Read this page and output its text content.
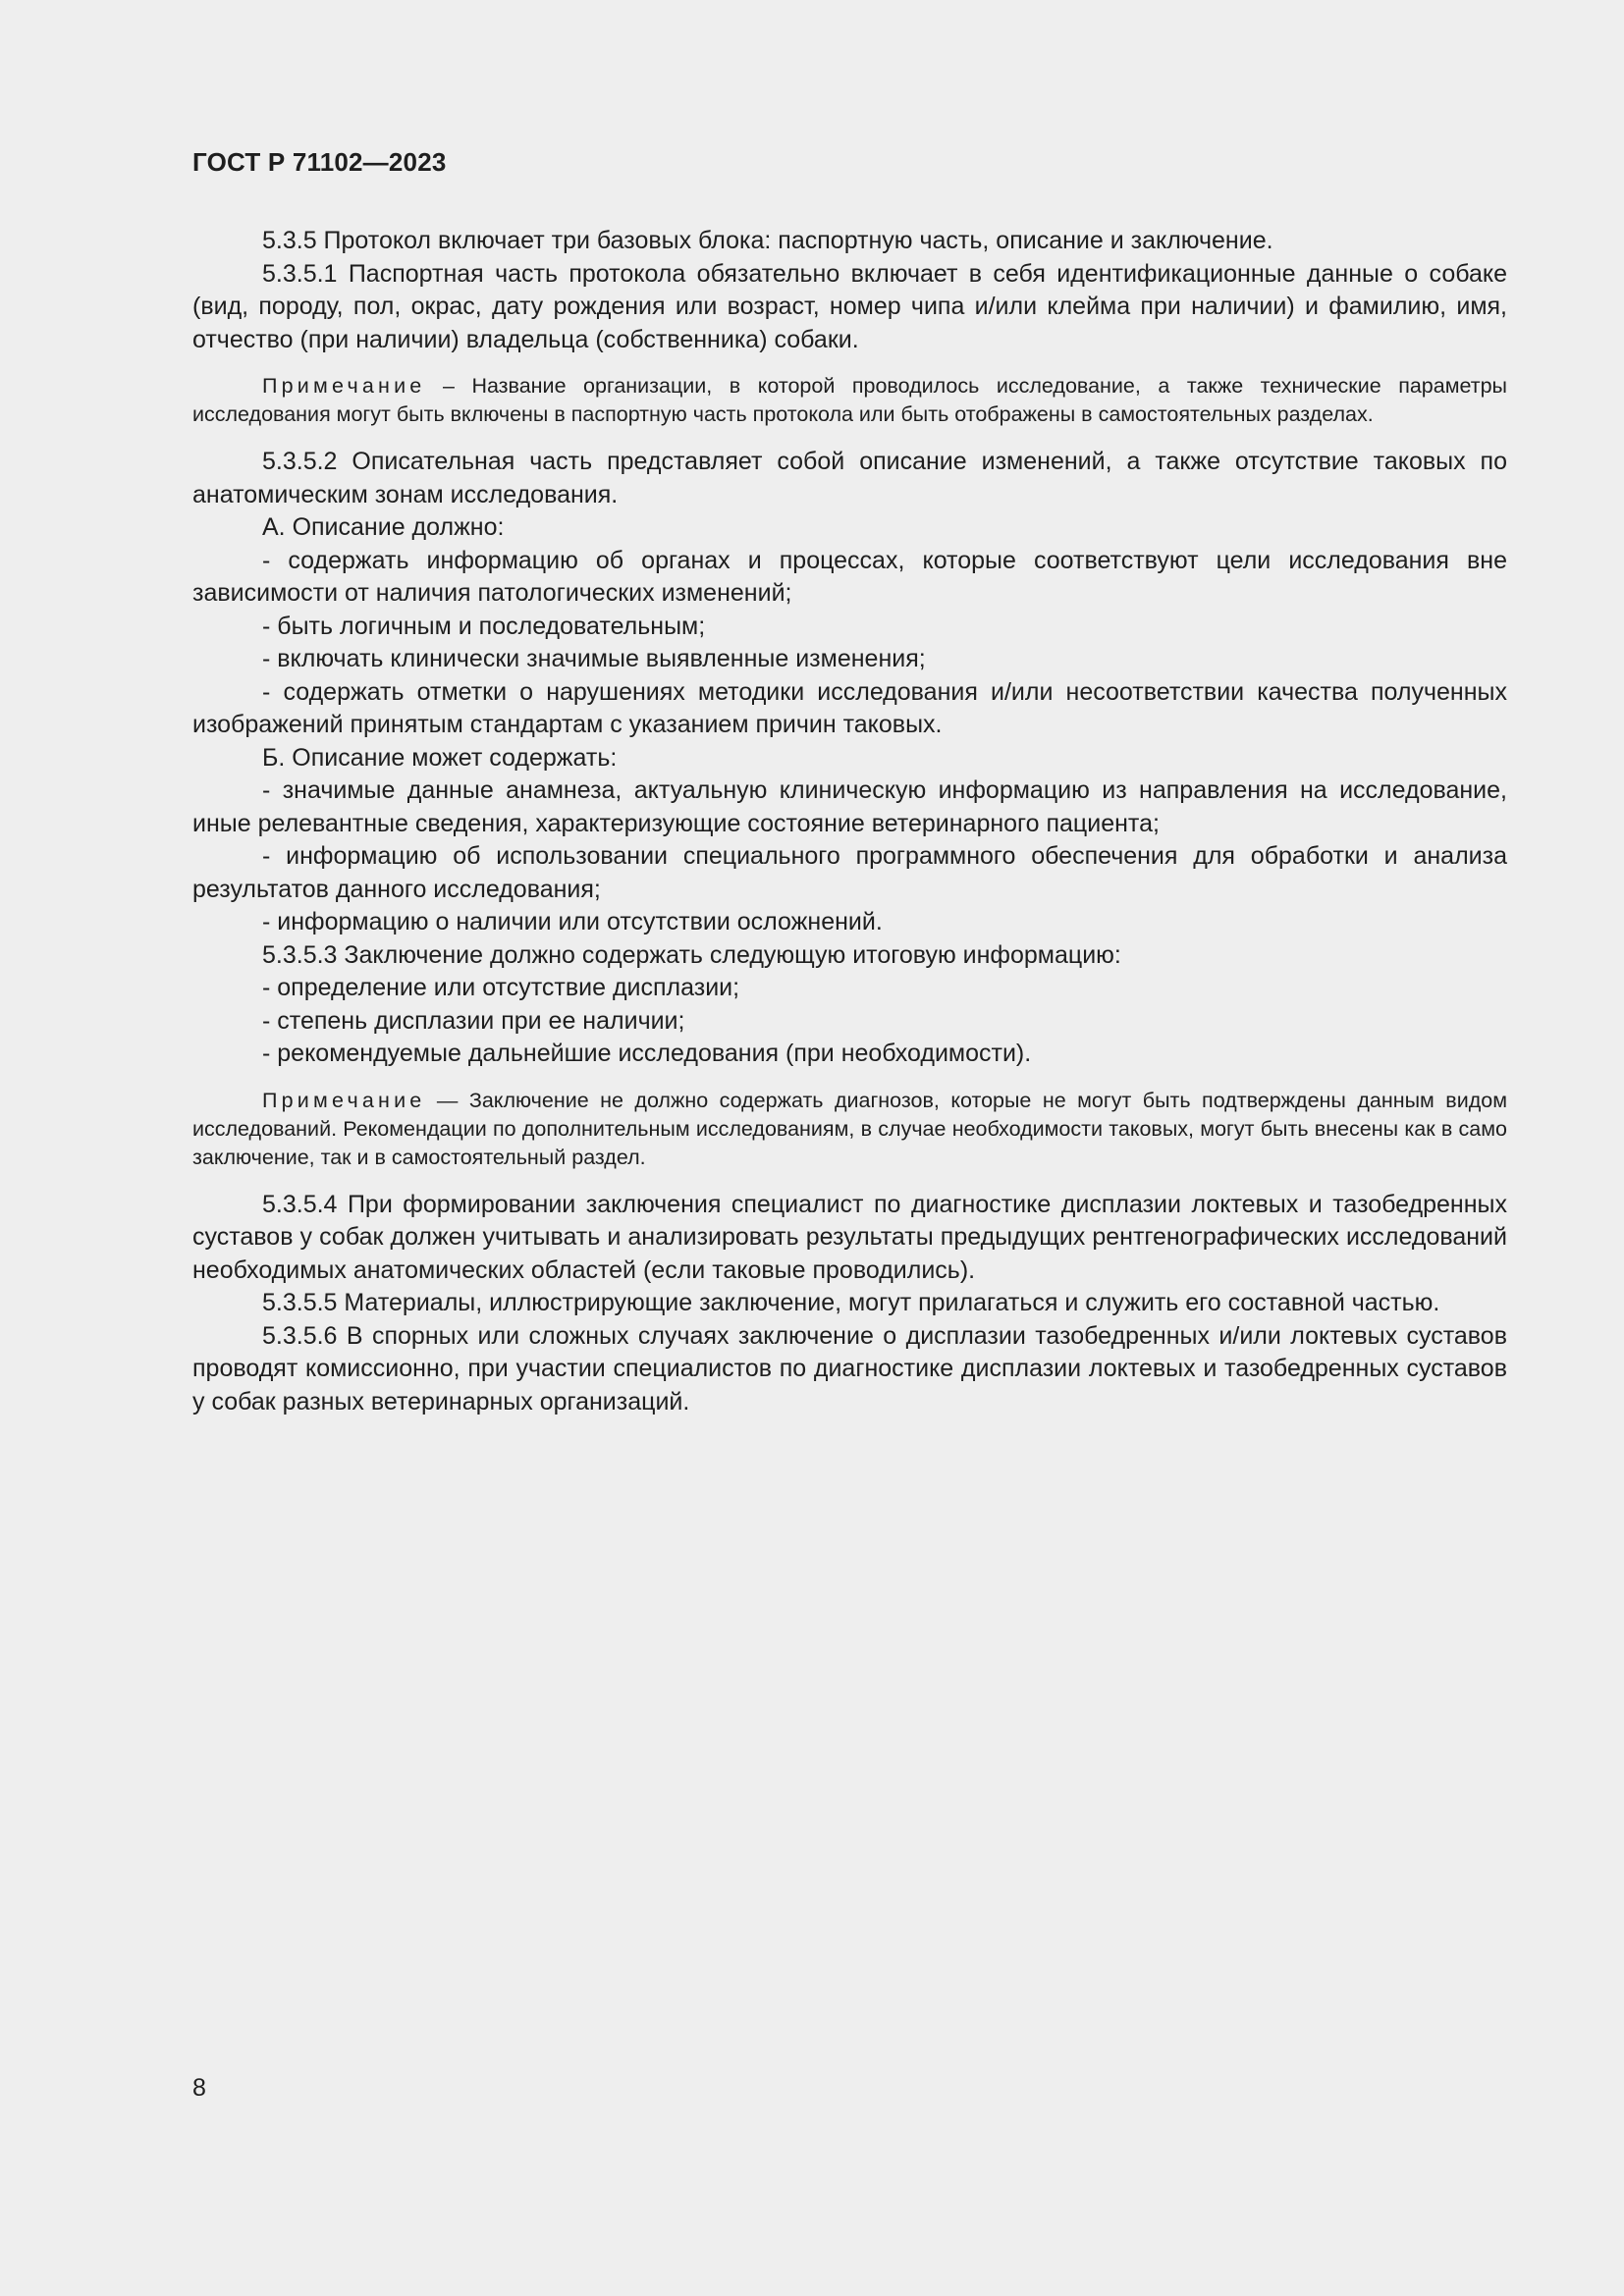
ГОСТ Р 71102—2023

5.3.5 Протокол включает три базовых блока: паспортную часть, описание и заключение.

5.3.5.1 Паспортная часть протокола обязательно включает в себя идентификационные данные о собаке (вид, породу, пол, окрас, дату рождения или возраст, номер чипа и/или клейма при наличии) и фамилию, имя, отчество (при наличии) владельца (собственника) собаки.

Примечание – Название организации, в которой проводилось исследование, а также технические параметры исследования могут быть включены в паспортную часть протокола или быть отображены в самостоятельных разделах.

5.3.5.2 Описательная часть представляет собой описание изменений, а также отсутствие таковых по анатомическим зонам исследования.

А. Описание должно:

- содержать информацию об органах и процессах, которые соответствуют цели исследования вне зависимости от наличия патологических изменений;

- быть логичным и последовательным;

- включать клинически значимые выявленные изменения;

- содержать отметки о нарушениях методики исследования и/или несоответствии качества полученных изображений принятым стандартам с указанием причин таковых.

Б. Описание может содержать:

- значимые данные анамнеза, актуальную клиническую информацию из направления на исследование, иные релевантные сведения, характеризующие состояние ветеринарного пациента;

- информацию об использовании специального программного обеспечения для обработки и анализа результатов данного исследования;

- информацию о наличии или отсутствии осложнений.

5.3.5.3 Заключение должно содержать следующую итоговую информацию:

- определение или отсутствие дисплазии;

- степень дисплазии при ее наличии;

- рекомендуемые дальнейшие исследования (при необходимости).

Примечание — Заключение не должно содержать диагнозов, которые не могут быть подтверждены данным видом исследований. Рекомендации по дополнительным исследованиям, в случае необходимости таковых, могут быть внесены как в само заключение, так и в самостоятельный раздел.

5.3.5.4 При формировании заключения специалист по диагностике дисплазии локтевых и тазобедренных суставов у собак должен учитывать и анализировать результаты предыдущих рентгенографических исследований необходимых анатомических областей (если таковые проводились).

5.3.5.5 Материалы, иллюстрирующие заключение, могут прилагаться и служить его составной частью.

5.3.5.6 В спорных или сложных случаях заключение о дисплазии тазобедренных и/или локтевых суставов проводят комиссионно, при участии специалистов по диагностике дисплазии локтевых и тазобедренных суставов у собак разных ветеринарных организаций.

8
